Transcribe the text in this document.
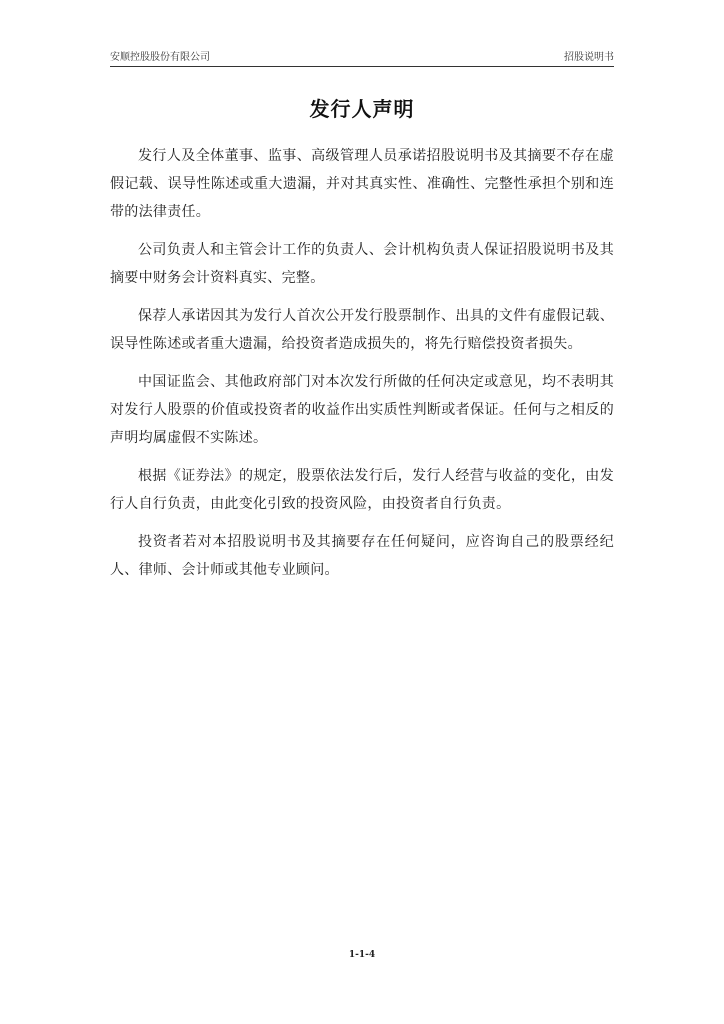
安顺控股股份有限公司	招股说明书
发行人声明

发行人及全体董事、监事、高级管理人员承诺招股说明书及其摘要不存在虚假记载、误导性陈述或重大遗漏，并对其真实性、准确性、完整性承担个别和连带的法律责任。

公司负责人和主管会计工作的负责人、会计机构负责人保证招股说明书及其摘要中财务会计资料真实、完整。

保荐人承诺因其为发行人首次公开发行股票制作、出具的文件有虚假记载、误导性陈述或者重大遗漏，给投资者造成损失的，将先行赔偿投资者损失。

中国证监会、其他政府部门对本次发行所做的任何决定或意见，均不表明其对发行人股票的价值或投资者的收益作出实质性判断或者保证。任何与之相反的声明均属虚假不实陈述。

根据《证券法》的规定，股票依法发行后，发行人经营与收益的变化，由发行人自行负责，由此变化引致的投资风险，由投资者自行负责。

投资者若对本招股说明书及其摘要存在任何疑问，应咨询自己的股票经纪人、律师、会计师或其他专业顾问。

1-1-4
